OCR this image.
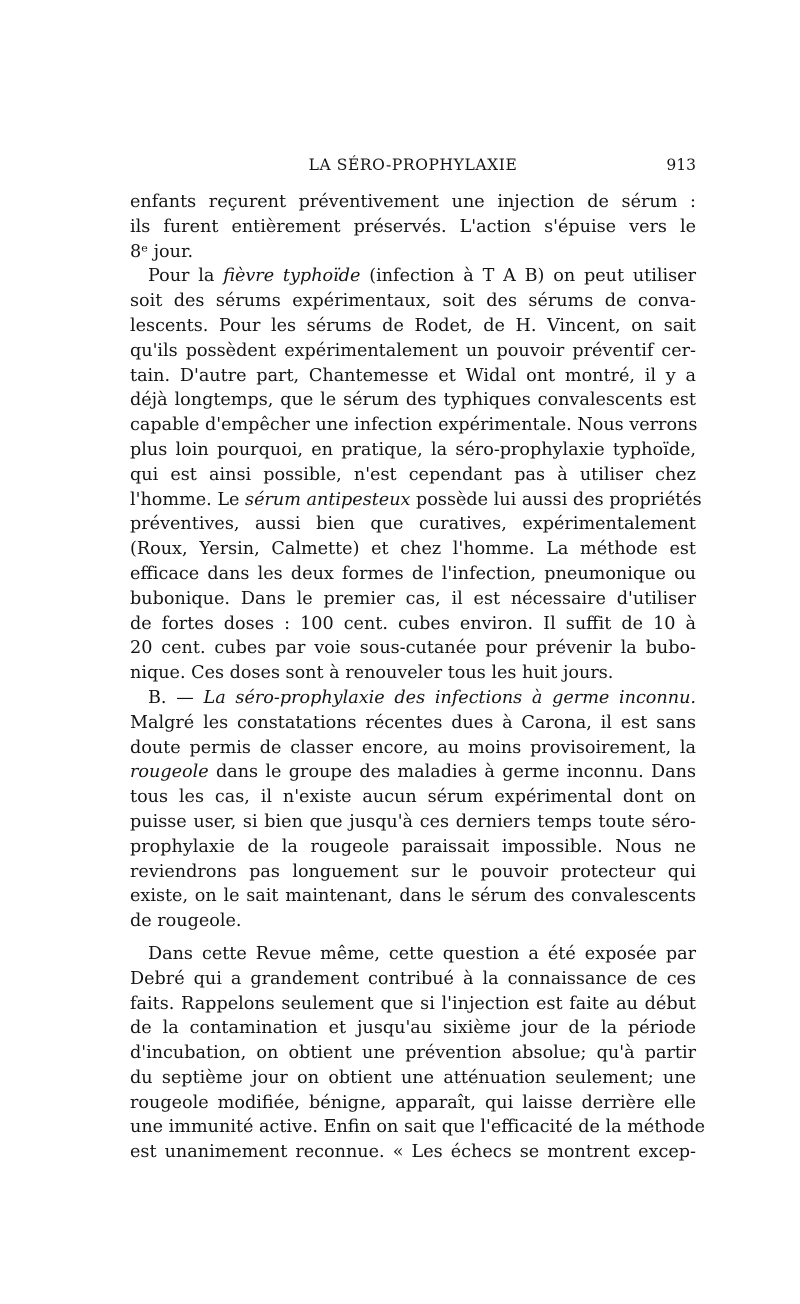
LA SÉRO-PROPHYLAXIE	913
enfants reçurent préventivement une injection de sérum :
ils furent entièrement préservés. L'action s'épuise vers le
8ᵉ jour.
Pour la fièvre typhoïde (infection à T A B) on peut utiliser
soit des sérums expérimentaux, soit des sérums de conva-
lescents. Pour les sérums de Rodet, de H. Vincent, on sait
qu'ils possèdent expérimentalement un pouvoir préventif cer-
tain. D'autre part, Chantemesse et Widal ont montré, il y a
déjà longtemps, que le sérum des typhiques convalescents est
capable d'empêcher une infection expérimentale. Nous verrons
plus loin pourquoi, en pratique, la séro-prophylaxie typhoïde,
qui est ainsi possible, n'est cependant pas à utiliser chez
l'homme. Le sérum antipesteux possède lui aussi des propriétés
préventives, aussi bien que curatives, expérimentalement
(Roux, Yersin, Calmette) et chez l'homme. La méthode est
efficace dans les deux formes de l'infection, pneumonique ou
bubonique. Dans le premier cas, il est nécessaire d'utiliser
de fortes doses : 100 cent. cubes environ. Il suffit de 10 à
20 cent. cubes par voie sous-cutanée pour prévenir la bubo-
nique. Ces doses sont à renouveler tous les huit jours.
B. — La séro-prophylaxie des infections à germe inconnu.
Malgré les constatations récentes dues à Carona, il est sans
doute permis de classer encore, au moins provisoirement, la
rougeole dans le groupe des maladies à germe inconnu. Dans
tous les cas, il n'existe aucun sérum expérimental dont on
puisse user, si bien que jusqu'à ces derniers temps toute séro-
prophylaxie de la rougeole paraissait impossible. Nous ne
reviendrons pas longuement sur le pouvoir protecteur qui
existe, on le sait maintenant, dans le sérum des convalescents
de rougeole.
Dans cette Revue même, cette question a été exposée par
Debré qui a grandement contribué à la connaissance de ces
faits. Rappelons seulement que si l'injection est faite au début
de la contamination et jusqu'au sixième jour de la période
d'incubation, on obtient une prévention absolue; qu'à partir
du septième jour on obtient une atténuation seulement; une
rougeole modifiée, bénigne, apparaît, qui laisse derrière elle
une immunité active. Enfin on sait que l'efficacité de la méthode
est unanimement reconnue. « Les échecs se montrent excep-
